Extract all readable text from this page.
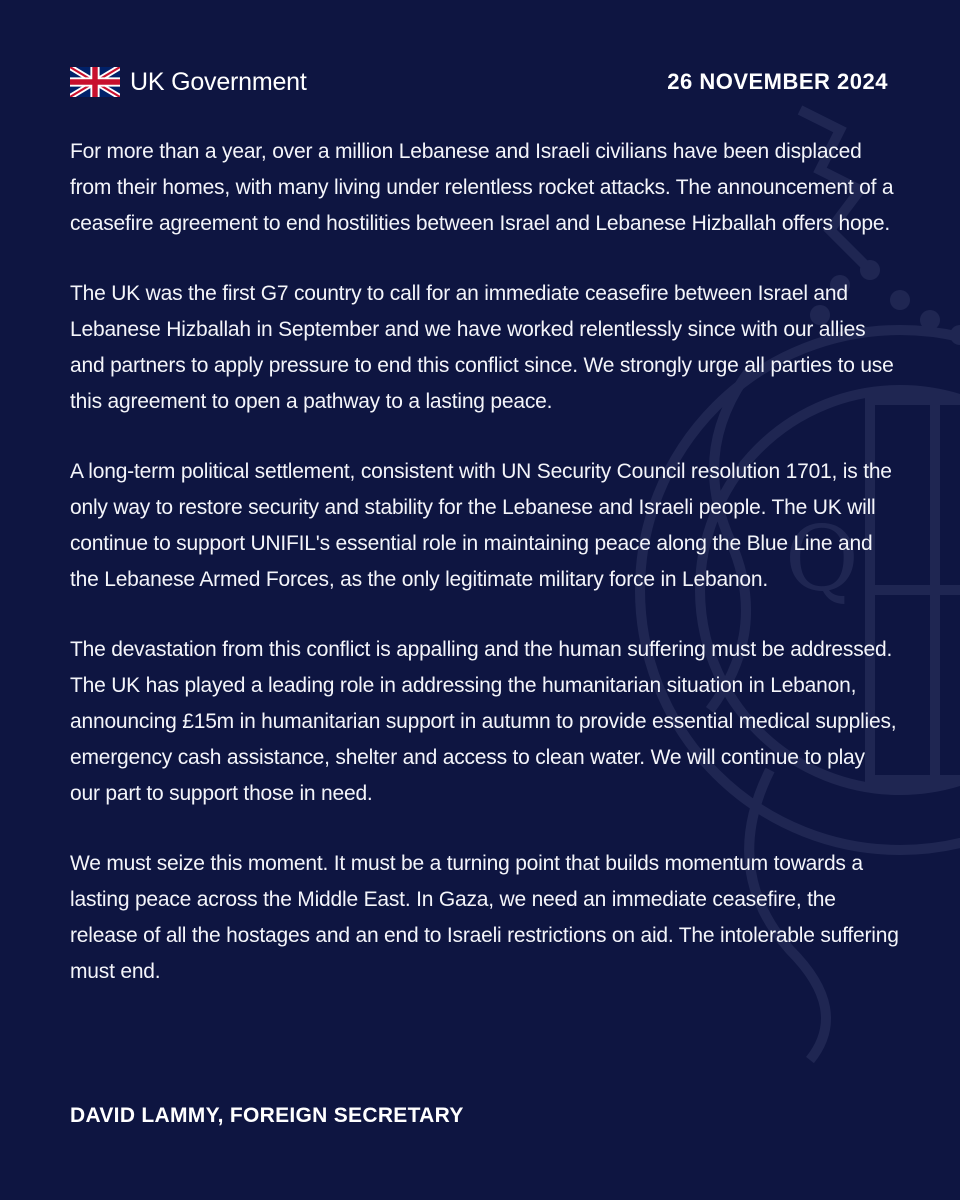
Q
UK Government	26 NOVEMBER 2024

For more than a year, over a million Lebanese and Israeli civilians have been displaced from their homes, with many living under relentless rocket attacks. The announcement of a ceasefire agreement to end hostilities between Israel and Lebanese Hizballah offers hope.

The UK was the first G7 country to call for an immediate ceasefire between Israel and Lebanese Hizballah in September and we have worked relentlessly since with our allies and partners to apply pressure to end this conflict since. We strongly urge all parties to use this agreement to open a pathway to a lasting peace.

A long-term political settlement, consistent with UN Security Council resolution 1701, is the only way to restore security and stability for the Lebanese and Israeli people. The UK will continue to support UNIFIL's essential role in maintaining peace along the Blue Line and the Lebanese Armed Forces, as the only legitimate military force in Lebanon.

The devastation from this conflict is appalling and the human suffering must be addressed. The UK has played a leading role in addressing the humanitarian situation in Lebanon, announcing £15m in humanitarian support in autumn to provide essential medical supplies, emergency cash assistance, shelter and access to clean water. We will continue to play our part to support those in need.

We must seize this moment. It must be a turning point that builds momentum towards a lasting peace across the Middle East. In Gaza, we need an immediate ceasefire, the release of all the hostages and an end to Israeli restrictions on aid. The intolerable suffering must end.

DAVID LAMMY, FOREIGN SECRETARY
